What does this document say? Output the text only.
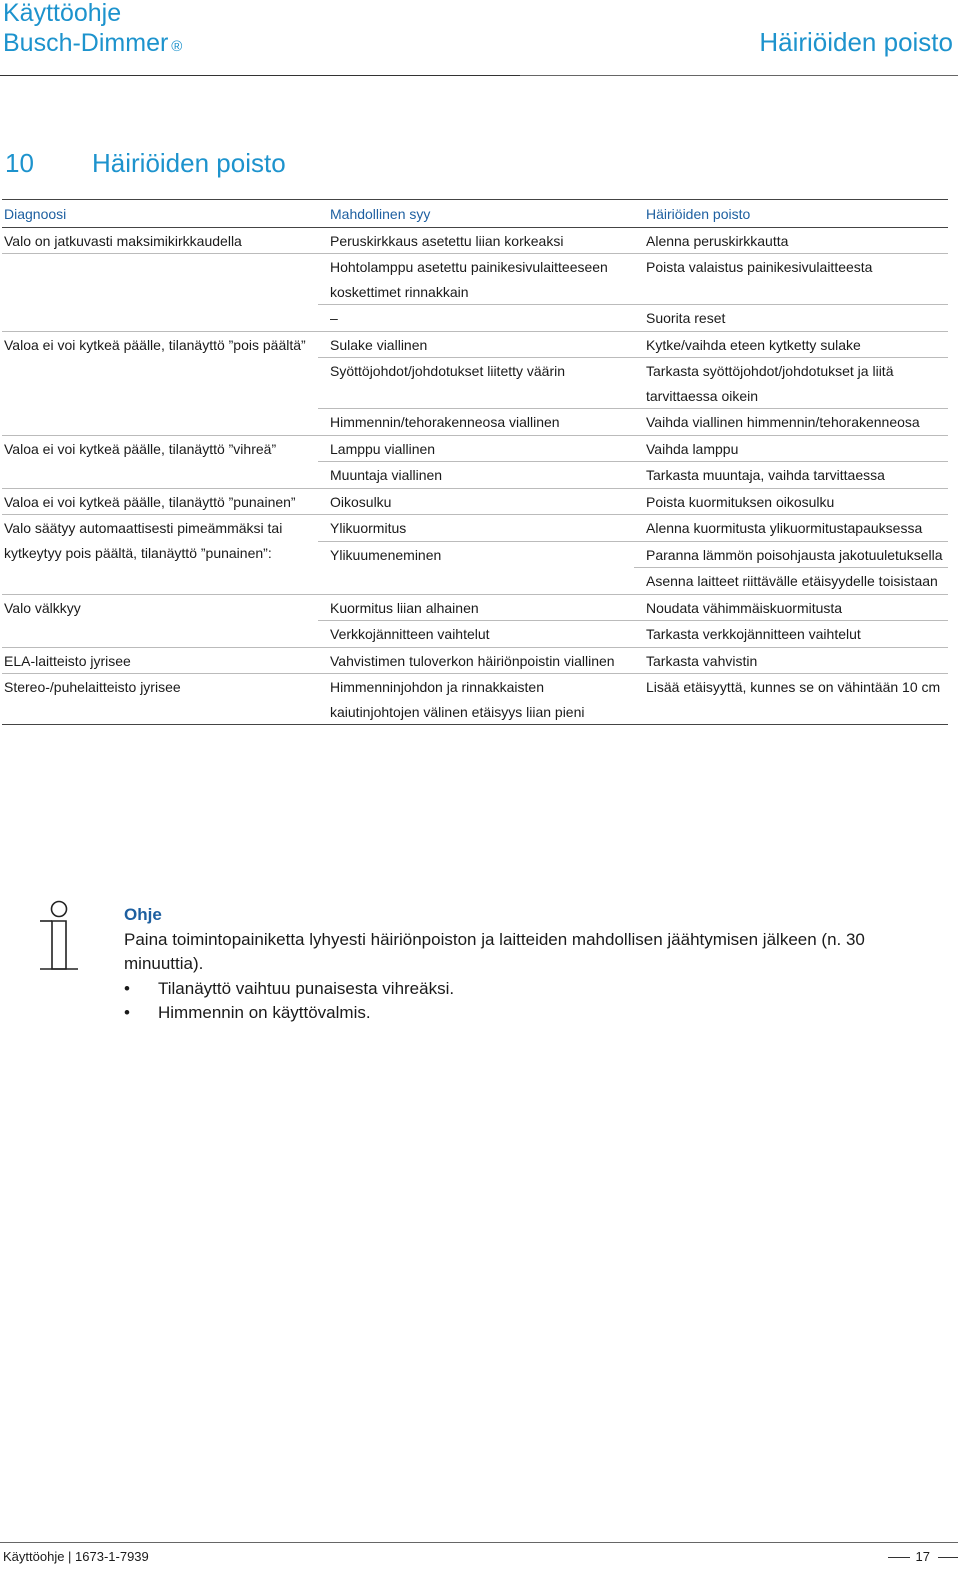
Käyttöohje
Busch-Dimmer ®	Häiriöiden poisto
10 Häiriöiden poisto
Diagnoosi	Mahdollinen syy	Häiriöiden poisto
Valo on jatkuvasti maksimikirkkaudella	Peruskirkkaus asetettu liian korkeaksi	Alenna peruskirkkautta
	Hohtolamppu asetettu painikesivulaitteeseen koskettimet rinnakkain	Poista valaistus painikesivulaitteesta
	–	Suorita reset
Valoa ei voi kytkeä päälle, tilanäyttö ”pois päältä”	Sulake viallinen	Kytke/vaihda eteen kytketty sulake
	Syöttöjohdot/johdotukset liitetty väärin	Tarkasta syöttöjohdot/johdotukset ja liitä tarvittaessa oikein
	Himmennin/tehorakenneosa viallinen	Vaihda viallinen himmennin/tehorakenneosa
Valoa ei voi kytkeä päälle, tilanäyttö ”vihreä”	Lamppu viallinen	Vaihda lamppu
	Muuntaja viallinen	Tarkasta muuntaja, vaihda tarvittaessa
Valoa ei voi kytkeä päälle, tilanäyttö ”punainen”	Oikosulku	Poista kuormituksen oikosulku
Valo säätyy automaattisesti pimeämmäksi tai kytkeytyy pois päältä, tilanäyttö ”punainen”:	Ylikuormitus	Alenna kuormitusta ylikuormitustapauksessa
	Ylikuumeneminen	Paranna lämmön poisohjausta jakotuuletuksella
		Asenna laitteet riittävälle etäisyydelle toisistaan
Valo välkkyy	Kuormitus liian alhainen	Noudata vähimmäiskuormitusta
	Verkkojännitteen vaihtelut	Tarkasta verkkojännitteen vaihtelut
ELA-laitteisto jyrisee	Vahvistimen tuloverkon häiriönpoistin viallinen	Tarkasta vahvistin
Stereo-/puhelaitteisto jyrisee	Himmenninjohdon ja rinnakkaisten kaiutinjohtojen välinen etäisyys liian pieni	Lisää etäisyyttä, kunnes se on vähintään 10 cm
Ohje
Paina toimintopainiketta lyhyesti häiriönpoiston ja laitteiden mahdollisen jäähtymisen jälkeen (n. 30 minuuttia).
• Tilanäyttö vaihtuu punaisesta vihreäksi.
• Himmennin on käyttövalmis.
Käyttöohje | 1673-1-7939	17
